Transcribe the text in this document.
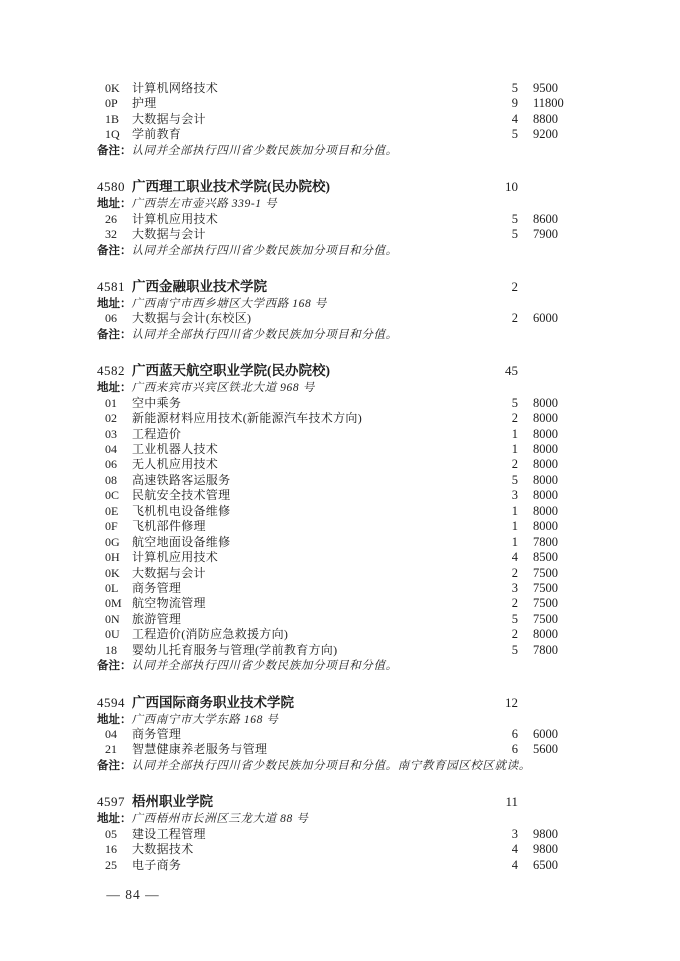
0K 计算机网络技术	5 9500
0P 护理	9 11800
1B 大数据与会计	4 8800
1Q 学前教育	5 9200
备注：认同并全部执行四川省少数民族加分项目和分值。
4580 广西理工职业技术学院(民办院校)	10
地址：广西崇左市壶兴路 339-1 号
26 计算机应用技术	5 8600
32 大数据与会计	5 7900
备注：认同并全部执行四川省少数民族加分项目和分值。
4581 广西金融职业技术学院	2
地址：广西南宁市西乡塘区大学西路 168 号
06 大数据与会计(东校区)	2 6000
备注：认同并全部执行四川省少数民族加分项目和分值。
4582 广西蓝天航空职业学院(民办院校)	45
地址：广西来宾市兴宾区铁北大道 968 号
01 空中乘务	5 8000
02 新能源材料应用技术(新能源汽车技术方向)	2 8000
03 工程造价	1 8000
04 工业机器人技术	1 8000
06 无人机应用技术	2 8000
08 高速铁路客运服务	5 8000
0C 民航安全技术管理	3 8000
0E 飞机机电设备维修	1 8000
0F 飞机部件修理	1 8000
0G 航空地面设备维修	1 7800
0H 计算机应用技术	4 8500
0K 大数据与会计	2 7500
0L 商务管理	3 7500
0M 航空物流管理	2 7500
0N 旅游管理	5 7500
0U 工程造价(消防应急救援方向)	2 8000
18 婴幼儿托育服务与管理(学前教育方向)	5 7800
备注：认同并全部执行四川省少数民族加分项目和分值。
4594 广西国际商务职业技术学院	12
地址：广西南宁市大学东路 168 号
04 商务管理	6 6000
21 智慧健康养老服务与管理	6 5600
备注：认同并全部执行四川省少数民族加分项目和分值。南宁教育园区校区就读。
4597 梧州职业学院	11
地址：广西梧州市长洲区三龙大道 88 号
05 建设工程管理	3 9800
16 大数据技术	4 9800
25 电子商务	4 6500
— 84 —
